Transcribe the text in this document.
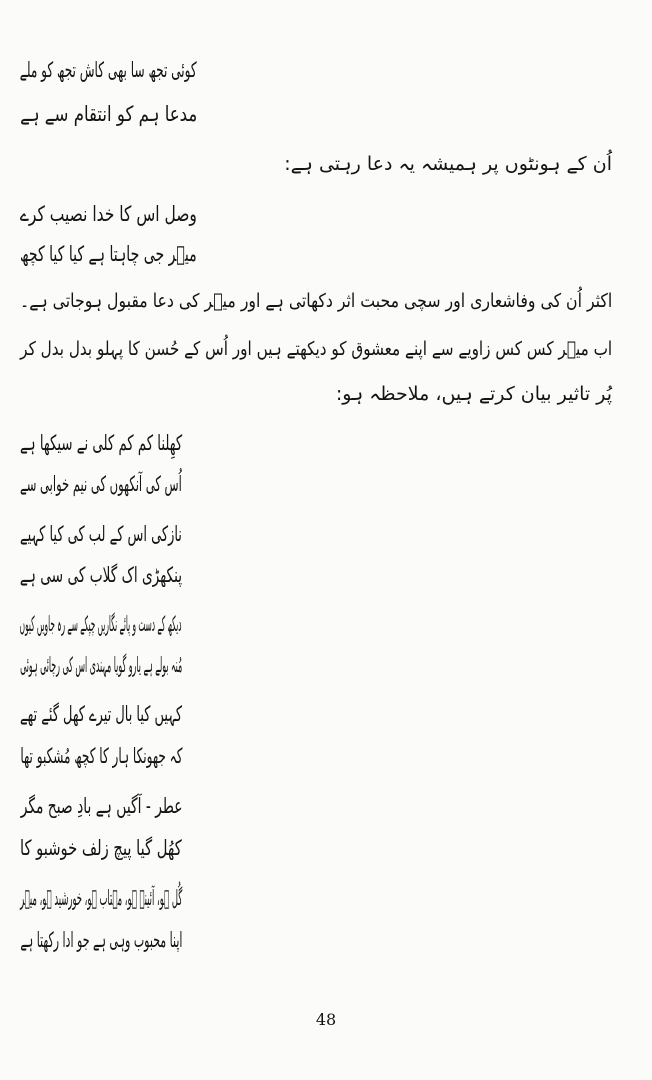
کوئی تجھ سا بھی کاش تجھ کو ملے
مدعا ہم کو انتقام سے ہے
اُن کے ہونٹوں پر ہمیشہ یہ دعا رہتی ہے:
وصل اس کا خدا نصیب کرے
میؔر جی چاہتا ہے کیا کیا کچھ
اکثر اُن کی وفاشعاری اور سچی محبت اثر دکھاتی ہے اور میؔر کی دعا مقبول ہوجاتی ہے۔
اب میؔر کس کس زاویے سے اپنے معشوق کو دیکھتے ہیں اور اُس کے حُسن کا پہلو بدل بدل کر
پُر تاثیر بیان کرتے ہیں، ملاحظہ ہو:
کھِلنا کم کم کلی نے سیکھا ہے
اُس کی آنکھوں کی نیم خوابی سے
نازکی اس کے لب کی کیا کہیے
پنکھڑی اک گلاب کی سی ہے
دیکھ کے دست و پائے نگاریں چپکے سے رہ جاویں کیوں
مُنہ بولے ہے یارو گویا مہندی اس کی رچائی ہوئی
کہیں کیا بال تیرے کھل گئے تھے
کہ جھونکا ہار کا کچھ مُشکبو تھا
عطر - آگیں ہے بادِ صبح مگر
کھُل گیا پیچ زلف خوشبو کا
گُل ہو، آئینہ ہو، مہتاب ہو، خورشید ہو، میؔر
اپنا محبوب وہی ہے جو ادا رکھتا ہے
48
